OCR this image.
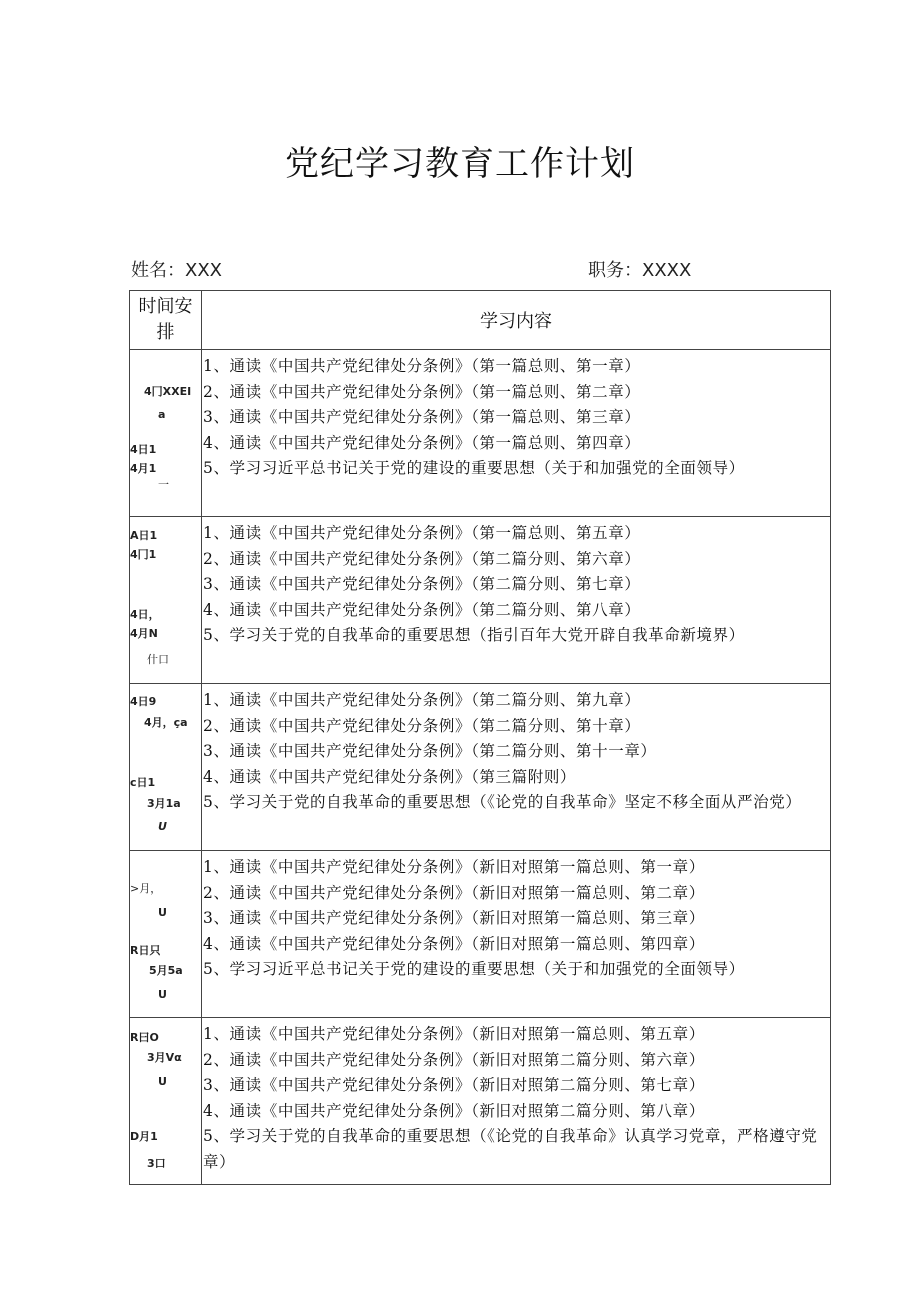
党纪学习教育工作计划
姓名：XXX	职务：XXXX
时间安排	学习内容

4冂XXEI
a
4日1
4月1
一	1、通读《中国共产党纪律处分条例》（第一篇总则、第一章）
2、通读《中国共产党纪律处分条例》（第一篇总则、第二章）
3、通读《中国共产党纪律处分条例》（第一篇总则、第三章）
4、通读《中国共产党纪律处分条例》（第一篇总则、第四章）
5、学习习近平总书记关于党的建设的重要思想（关于和加强党的全面领导）

A日1
4冂1
4日，
4月N
什口	1、通读《中国共产党纪律处分条例》（第一篇总则、第五章）
2、通读《中国共产党纪律处分条例》（第二篇分则、第六章）
3、通读《中国共产党纪律处分条例》（第二篇分则、第七章）
4、通读《中国共产党纪律处分条例》（第二篇分则、第八章）
5、学习关于党的自我革命的重要思想（指引百年大党开辟自我革命新境界）

4日9
4月，ça
c日1
3月1a
U	1、通读《中国共产党纪律处分条例》（第二篇分则、第九章）
2、通读《中国共产党纪律处分条例》（第二篇分则、第十章）
3、通读《中国共产党纪律处分条例》（第二篇分则、第十一章）
4、通读《中国共产党纪律处分条例》（第三篇附则）
5、学习关于党的自我革命的重要思想（《论党的自我革命》坚定不移全面从严治党）

>月，
U
R日只
5月5a
U	1、通读《中国共产党纪律处分条例》（新旧对照第一篇总则、第一章）
2、通读《中国共产党纪律处分条例》（新旧对照第一篇总则、第二章）
3、通读《中国共产党纪律处分条例》（新旧对照第一篇总则、第三章）
4、通读《中国共产党纪律处分条例》（新旧对照第一篇总则、第四章）
5、学习习近平总书记关于党的建设的重要思想（关于和加强党的全面领导）

R曰O
3月Vα
U
D月1
3口	1、通读《中国共产党纪律处分条例》（新旧对照第一篇总则、第五章）
2、通读《中国共产党纪律处分条例》（新旧对照第二篇分则、第六章）
3、通读《中国共产党纪律处分条例》（新旧对照第二篇分则、第七章）
4、通读《中国共产党纪律处分条例》（新旧对照第二篇分则、第八章）
5、学习关于党的自我革命的重要思想（《论党的自我革命》认真学习党章，严格遵守党章）
